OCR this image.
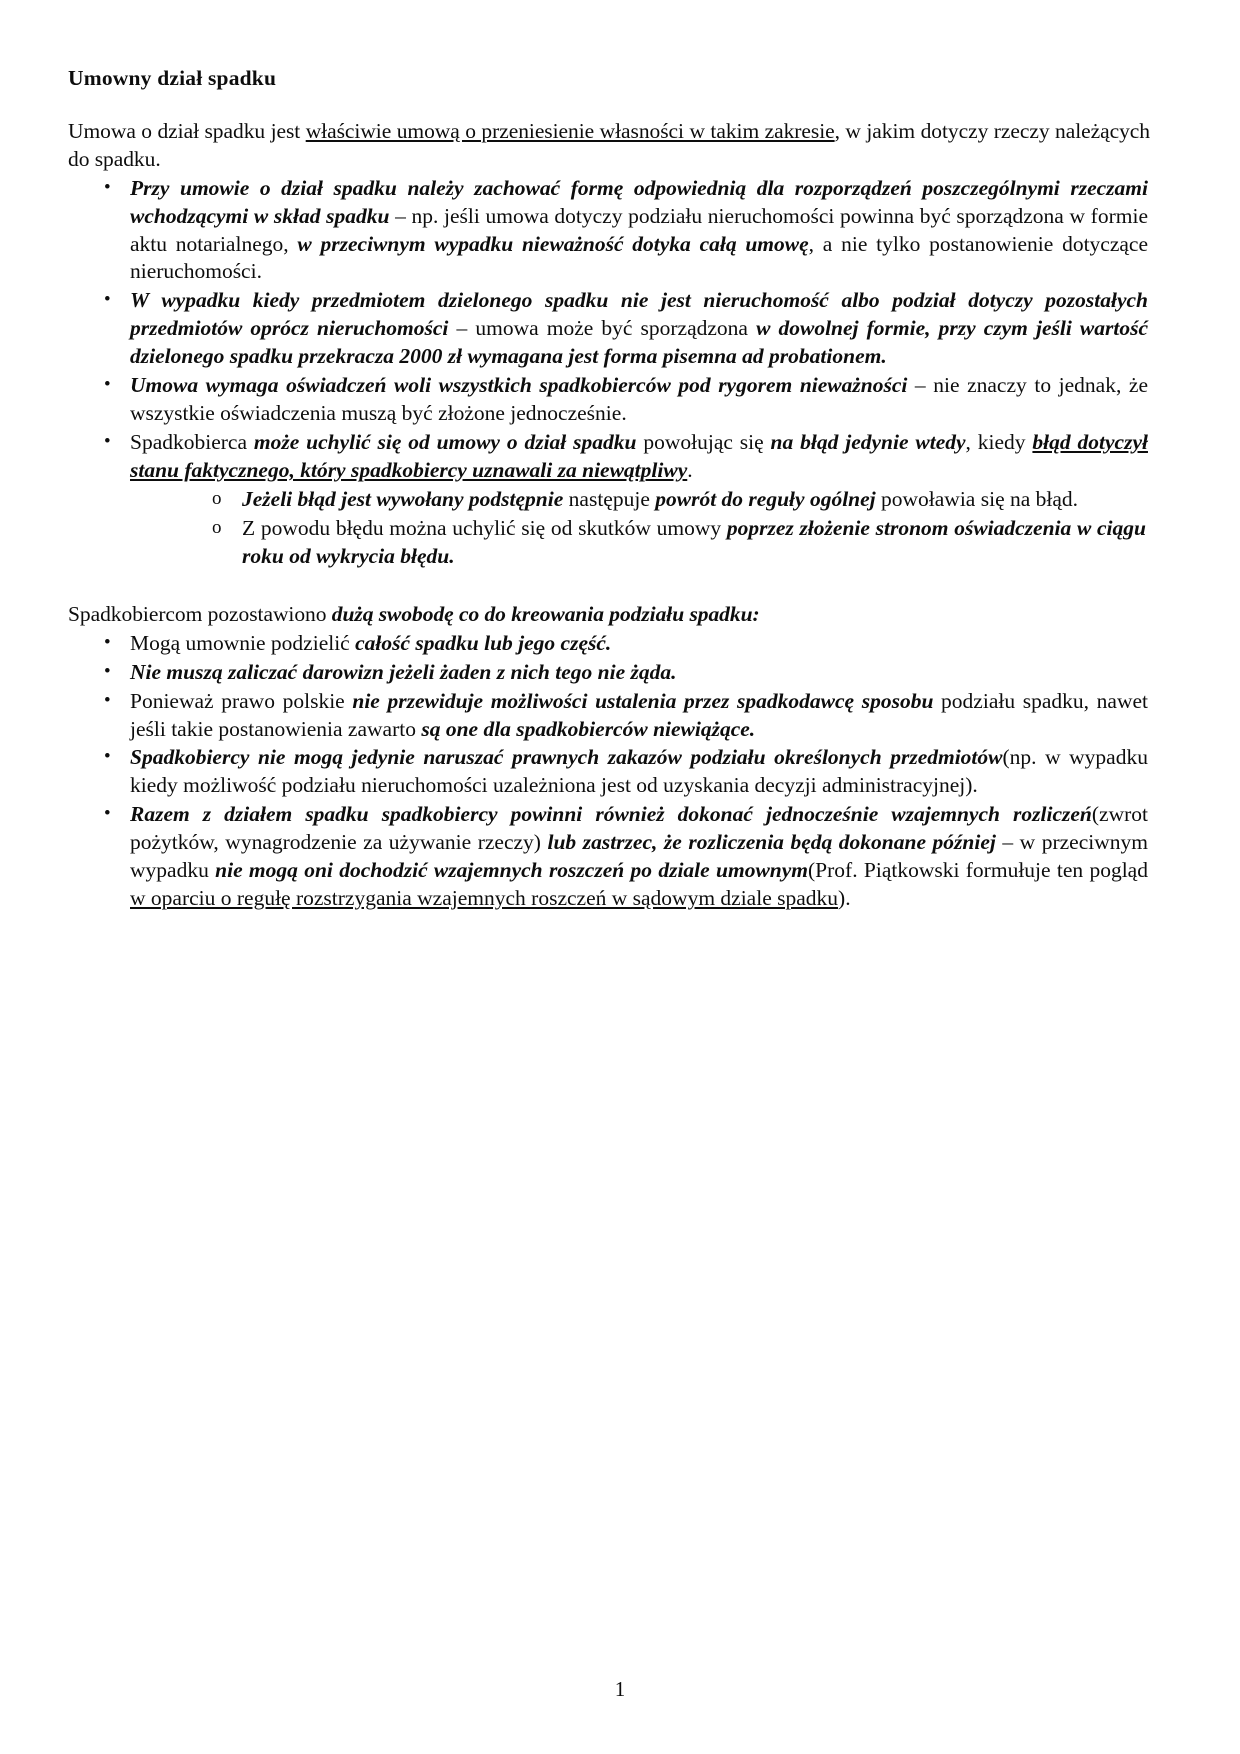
Umowny dział spadku

Umowa o dział spadku jest właściwie umową o przeniesienie własności w takim zakresie, w jakim dotyczy rzeczy należących do spadku.

• Przy umowie o dział spadku należy zachować formę odpowiednią dla rozporządzeń poszczególnymi rzeczami wchodzącymi w skład spadku – np. jeśli umowa dotyczy podziału nieruchomości powinna być sporządzona w formie aktu notarialnego, w przeciwnym wypadku nieważność dotyka całą umowę, a nie tylko postanowienie dotyczące nieruchomości.
• W wypadku kiedy przedmiotem dzielonego spadku nie jest nieruchomość albo podział dotyczy pozostałych przedmiotów oprócz nieruchomości – umowa może być sporządzona w dowolnej formie, przy czym jeśli wartość dzielonego spadku przekracza 2000 zł wymagana jest forma pisemna ad probationem.
• Umowa wymaga oświadczeń woli wszystkich spadkobierców pod rygorem nieważności – nie znaczy to jednak, że wszystkie oświadczenia muszą być złożone jednocześnie.
• Spadkobierca może uchylić się od umowy o dział spadku powołując się na błąd jedynie wtedy, kiedy błąd dotyczył stanu faktycznego, który spadkobiercy uznawali za niewątpliwy.
o Jeżeli błąd jest wywołany podstępnie następuje powrót do reguły ogólnej powoławia się na błąd.
o Z powodu błędu można uchylić się od skutków umowy poprzez złożenie stronom oświadczenia w ciągu roku od wykrycia błędu.

Spadkobiercom pozostawiono dużą swobodę co do kreowania podziału spadku:

• Mogą umownie podzielić całość spadku lub jego część.
• Nie muszą zaliczać darowizn jeżeli żaden z nich tego nie żąda.
• Ponieważ prawo polskie nie przewiduje możliwości ustalenia przez spadkodawcę sposobu podziału spadku, nawet jeśli takie postanowienia zawarto są one dla spadkobierców niewiążące.
• Spadkobiercy nie mogą jedynie naruszać prawnych zakazów podziału określonych przedmiotów(np. w wypadku kiedy możliwość podziału nieruchomości uzależniona jest od uzyskania decyzji administracyjnej).
• Razem z działem spadku spadkobiercy powinni również dokonać jednocześnie wzajemnych rozliczeń(zwrot pożytków, wynagrodzenie za używanie rzeczy) lub zastrzec, że rozliczenia będą dokonane później – w przeciwnym wypadku nie mogą oni dochodzić wzajemnych roszczeń po dziale umownym(Prof. Piątkowski formułuje ten pogląd w oparciu o regułę rozstrzygania wzajemnych roszczeń w sądowym dziale spadku).
1
